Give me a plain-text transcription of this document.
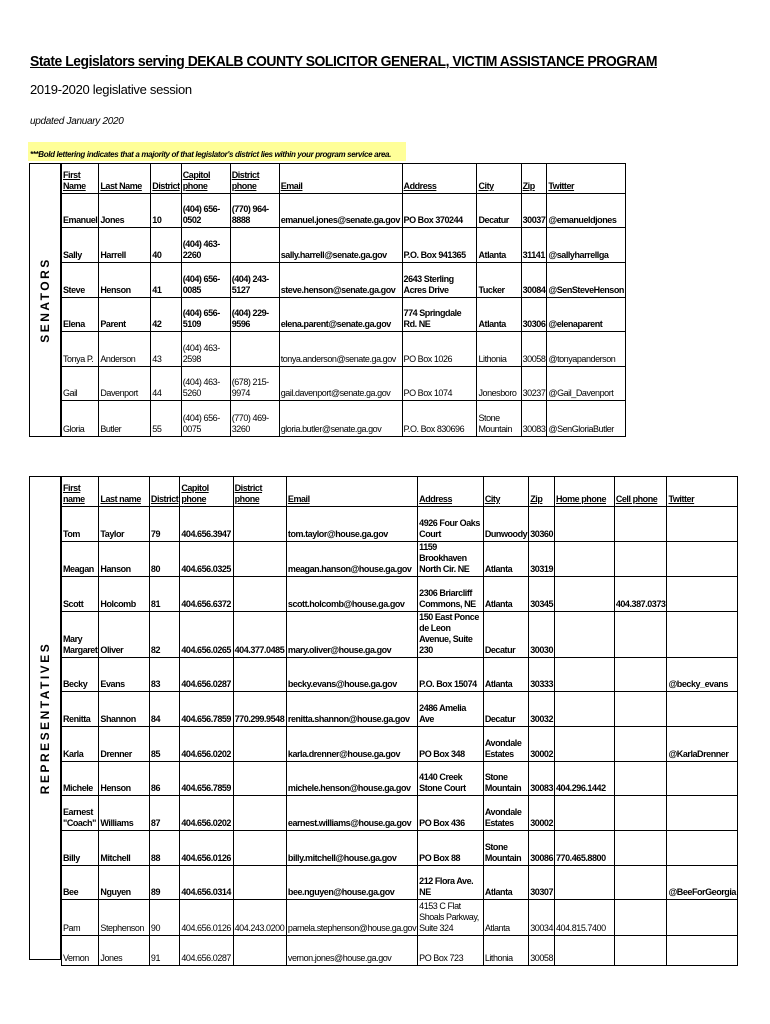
State Legislators serving DEKALB COUNTY SOLICITOR GENERAL, VICTIM ASSISTANCE PROGRAM
2019-2020 legislative session
updated January 2020
***Bold lettering indicates that a majority of that legislator's district lies within your program service area.
SENATORS
First Name	Last Name	District	Capitol phone	District phone	Email	Address	City	Zip	Twitter
Emanuel	Jones	10	(404) 656-0502	(770) 964-8888	emanuel.jones@senate.ga.gov	PO Box 370244	Decatur	30037	@emanueldjones
Sally	Harrell	40	(404) 463-2260		sally.harrell@senate.ga.gov	P.O. Box 941365	Atlanta	31141	@sallyharrellga
Steve	Henson	41	(404) 656-0085	(404) 243-5127	steve.henson@senate.ga.gov	2643 Sterling Acres Drive	Tucker	30084	@SenSteveHenson
Elena	Parent	42	(404) 656-5109	(404) 229-9596	elena.parent@senate.ga.gov	774 Springdale Rd. NE	Atlanta	30306	@elenaparent
Tonya P.	Anderson	43	(404) 463-2598		tonya.anderson@senate.ga.gov	PO Box 1026	Lithonia	30058	@tonyapanderson
Gail	Davenport	44	(404) 463-5260	(678) 215-9974	gail.davenport@senate.ga.gov	PO Box 1074	Jonesboro	30237	@Gail_Davenport
Gloria	Butler	55	(404) 656-0075	(770) 469-3260	gloria.butler@senate.ga.gov	P.O. Box 830696	Stone Mountain	30083	@SenGloriaButler
REPRESENTATIVES
First name	Last name	District	Capitol phone	District phone	Email	Address	City	Zip	Home phone	Cell phone	Twitter
Tom	Taylor	79	404.656.3947		tom.taylor@house.ga.gov	4926 Four Oaks Court	Dunwoody	30360			
Meagan	Hanson	80	404.656.0325		meagan.hanson@house.ga.gov	1159 Brookhaven North Cir. NE	Atlanta	30319			
Scott	Holcomb	81	404.656.6372		scott.holcomb@house.ga.gov	2306 Briarcliff Commons, NE	Atlanta	30345		404.387.0373	
Mary Margaret	Oliver	82	404.656.0265	404.377.0485	mary.oliver@house.ga.gov	150 East Ponce de Leon Avenue, Suite 230	Decatur	30030			
Becky	Evans	83	404.656.0287		becky.evans@house.ga.gov	P.O. Box 15074	Atlanta	30333			@becky_evans
Renitta	Shannon	84	404.656.7859	770.299.9548	renitta.shannon@house.ga.gov	2486 Amelia Ave	Decatur	30032			
Karla	Drenner	85	404.656.0202		karla.drenner@house.ga.gov	PO Box 348	Avondale Estates	30002			@KarlaDrenner
Michele	Henson	86	404.656.7859		michele.henson@house.ga.gov	4140 Creek Stone Court	Stone Mountain	30083	404.296.1442		
Earnest "Coach"	Williams	87	404.656.0202		earnest.williams@house.ga.gov	PO Box 436	Avondale Estates	30002			
Billy	Mitchell	88	404.656.0126		billy.mitchell@house.ga.gov	PO Box 88	Stone Mountain	30086	770.465.8800		
Bee	Nguyen	89	404.656.0314		bee.nguyen@house.ga.gov	212 Flora Ave. NE	Atlanta	30307			@BeeForGeorgia
Pam	Stephenson	90	404.656.0126	404.243.0200	pamela.stephenson@house.ga.gov	4153 C Flat Shoals Parkway, Suite 324	Atlanta	30034	404.815.7400		
Vernon	Jones	91	404.656.0287		vernon.jones@house.ga.gov	PO Box 723	Lithonia	30058			
